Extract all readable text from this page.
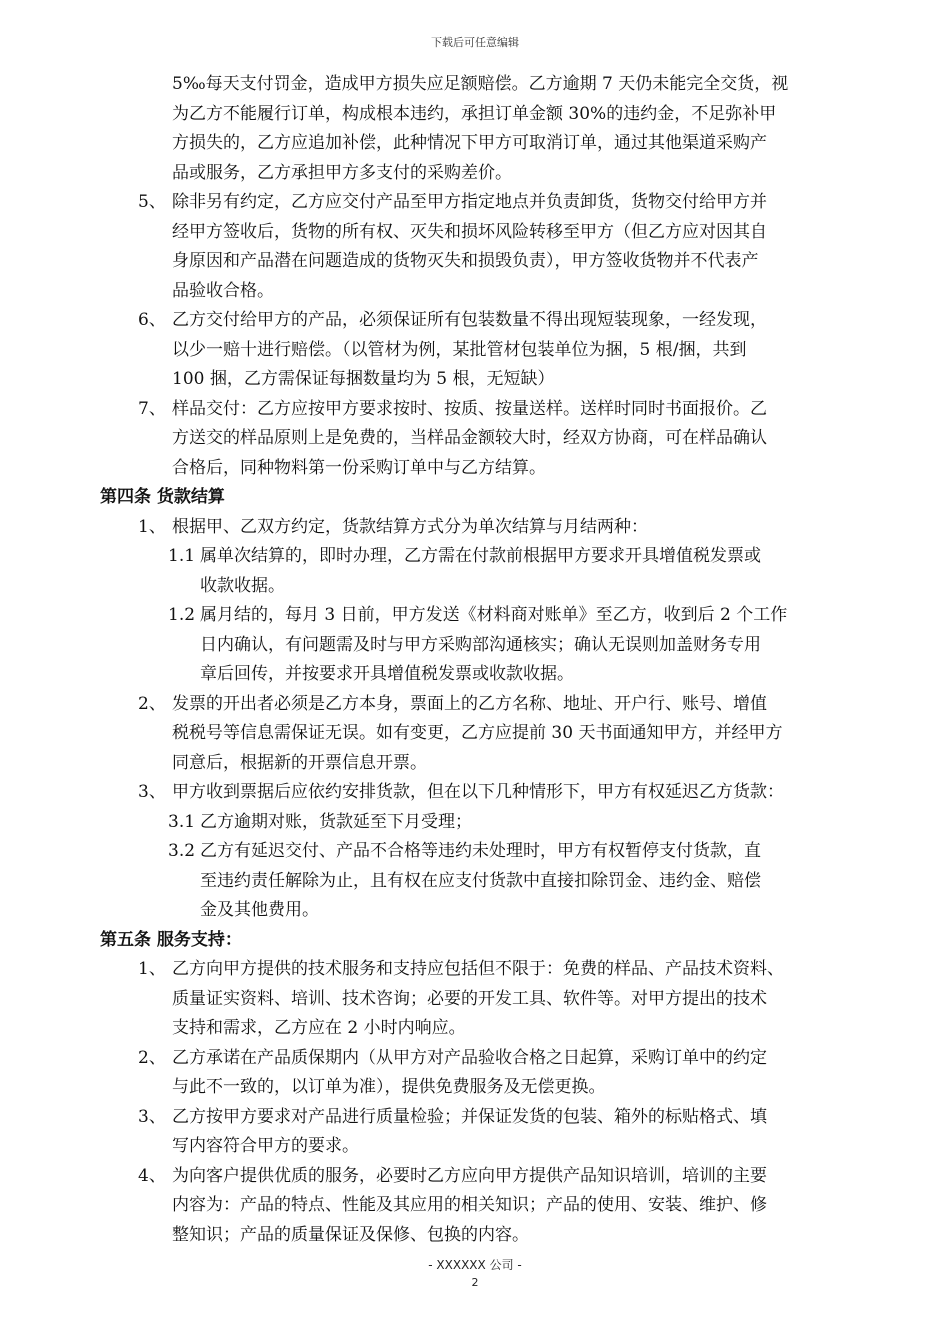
下载后可任意编辑
5‰每天支付罚金，造成甲方损失应足额赔偿。乙方逾期 7 天仍未能完全交货，视
为乙方不能履行订单，构成根本违约，承担订单金额 30%的违约金，不足弥补甲
方损失的，乙方应追加补偿，此种情况下甲方可取消订单，通过其他渠道采购产
品或服务，乙方承担甲方多支付的采购差价。
5、 除非另有约定，乙方应交付产品至甲方指定地点并负责卸货，货物交付给甲方并
经甲方签收后，货物的所有权、灭失和损坏风险转移至甲方（但乙方应对因其自
身原因和产品潜在问题造成的货物灭失和损毁负责），甲方签收货物并不代表产
品验收合格。
6、 乙方交付给甲方的产品，必须保证所有包装数量不得出现短装现象，一经发现，
以少一赔十进行赔偿。（以管材为例，某批管材包装单位为捆，5 根/捆，共到
100 捆，乙方需保证每捆数量均为 5 根，无短缺）
7、 样品交付：乙方应按甲方要求按时、按质、按量送样。送样时同时书面报价。乙
方送交的样品原则上是免费的，当样品金额较大时，经双方协商，可在样品确认
合格后，同种物料第一份采购订单中与乙方结算。
第四条 货款结算
1、 根据甲、乙双方约定，货款结算方式分为单次结算与月结两种：
1.1 属单次结算的，即时办理，乙方需在付款前根据甲方要求开具增值税发票或
收款收据。
1.2 属月结的，每月 3 日前，甲方发送《材料商对账单》至乙方，收到后 2 个工作
日内确认，有问题需及时与甲方采购部沟通核实；确认无误则加盖财务专用
章后回传，并按要求开具增值税发票或收款收据。
2、 发票的开出者必须是乙方本身，票面上的乙方名称、地址、开户行、账号、增值
税税号等信息需保证无误。如有变更，乙方应提前 30 天书面通知甲方，并经甲方
同意后，根据新的开票信息开票。
3、 甲方收到票据后应依约安排货款，但在以下几种情形下，甲方有权延迟乙方货款：
3.1 乙方逾期对账，货款延至下月受理；
3.2 乙方有延迟交付、产品不合格等违约未处理时，甲方有权暂停支付货款，直
至违约责任解除为止，且有权在应支付货款中直接扣除罚金、违约金、赔偿
金及其他费用。
第五条 服务支持：
1、 乙方向甲方提供的技术服务和支持应包括但不限于：免费的样品、产品技术资料、
质量证实资料、培训、技术咨询；必要的开发工具、软件等。对甲方提出的技术
支持和需求，乙方应在 2 小时内响应。
2、 乙方承诺在产品质保期内（从甲方对产品验收合格之日起算，采购订单中的约定
与此不一致的，以订单为准），提供免费服务及无偿更换。
3、 乙方按甲方要求对产品进行质量检验；并保证发货的包装、箱外的标贴格式、填
写内容符合甲方的要求。
4、 为向客户提供优质的服务，必要时乙方应向甲方提供产品知识培训，培训的主要
内容为：产品的特点、性能及其应用的相关知识；产品的使用、安装、维护、修
整知识；产品的质量保证及保修、包换的内容。
- XXXXXX 公司 -
2
